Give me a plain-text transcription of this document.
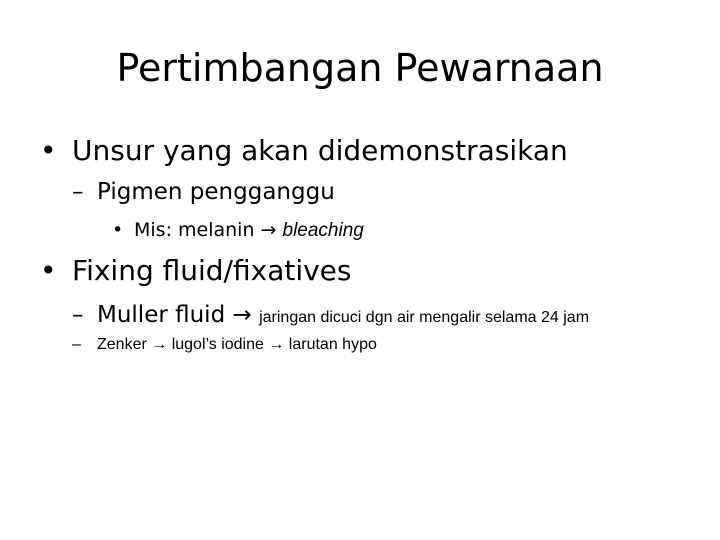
Pertimbangan Pewarnaan
• Unsur yang akan didemonstrasikan
– Pigmen pengganggu
• Mis: melanin → bleaching
• Fixing fluid/fixatives
– Muller fluid → jaringan dicuci dgn air mengalir selama 24 jam
– Zenker → lugol’s iodine → larutan hypo
